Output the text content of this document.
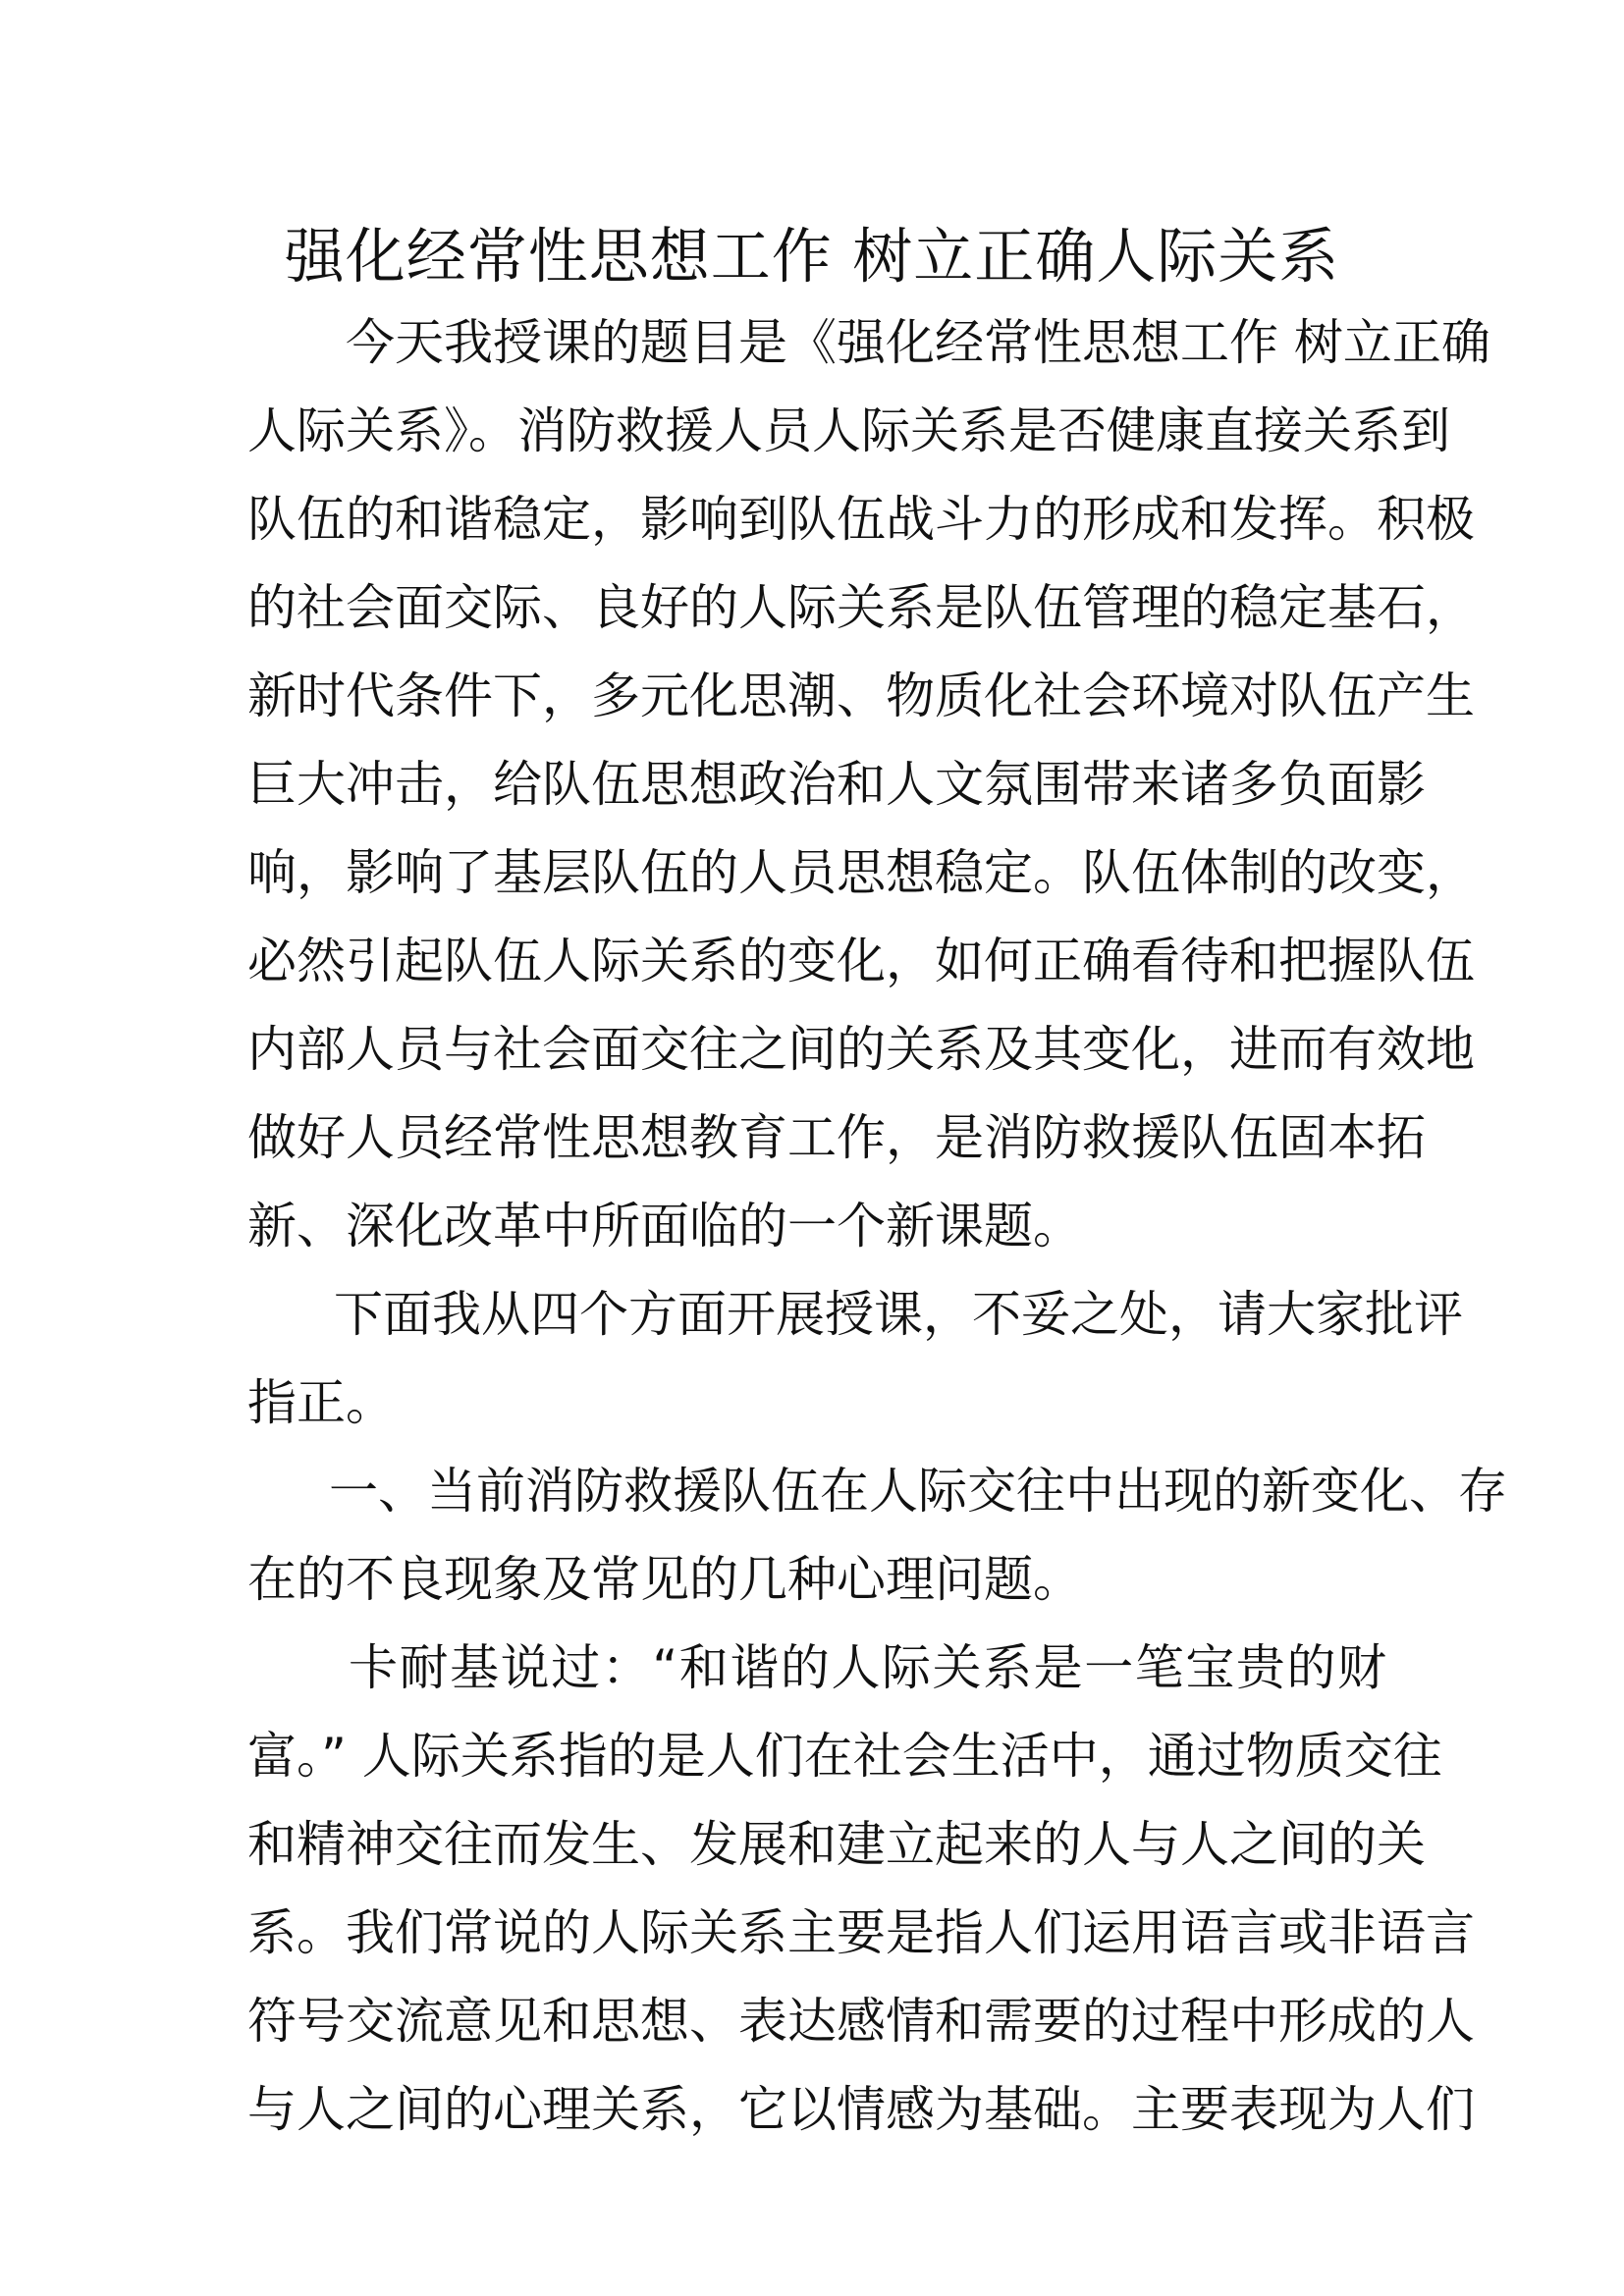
强化经常性思想工作 树立正确人际关系

今天我授课的题目是《强化经常性思想工作 树立正确

人际关系》。消防救援人员人际关系是否健康直接关系到

队伍的和谐稳定，影响到队伍战斗力的形成和发挥。积极

的社会面交际、良好的人际关系是队伍管理的稳定基石，

新时代条件下，多元化思潮、物质化社会环境对队伍产生

巨大冲击，给队伍思想政治和人文氛围带来诸多负面影

响，影响了基层队伍的人员思想稳定。队伍体制的改变，

必然引起队伍人际关系的变化，如何正确看待和把握队伍

内部人员与社会面交往之间的关系及其变化，进而有效地

做好人员经常性思想教育工作，是消防救援队伍固本拓

新、深化改革中所面临的一个新课题。

下面我从四个方面开展授课，不妥之处，请大家批评

指正。

一、当前消防救援队伍在人际交往中出现的新变化、存

在的不良现象及常见的几种心理问题。

卡耐基说过：“和谐的人际关系是一笔宝贵的财

富。” 人际关系指的是人们在社会生活中，通过物质交往

和精神交往而发生、发展和建立起来的人与人之间的关

系。我们常说的人际关系主要是指人们运用语言或非语言

符号交流意见和思想、表达感情和需要的过程中形成的人

与人之间的心理关系，它以情感为基础。主要表现为人们
